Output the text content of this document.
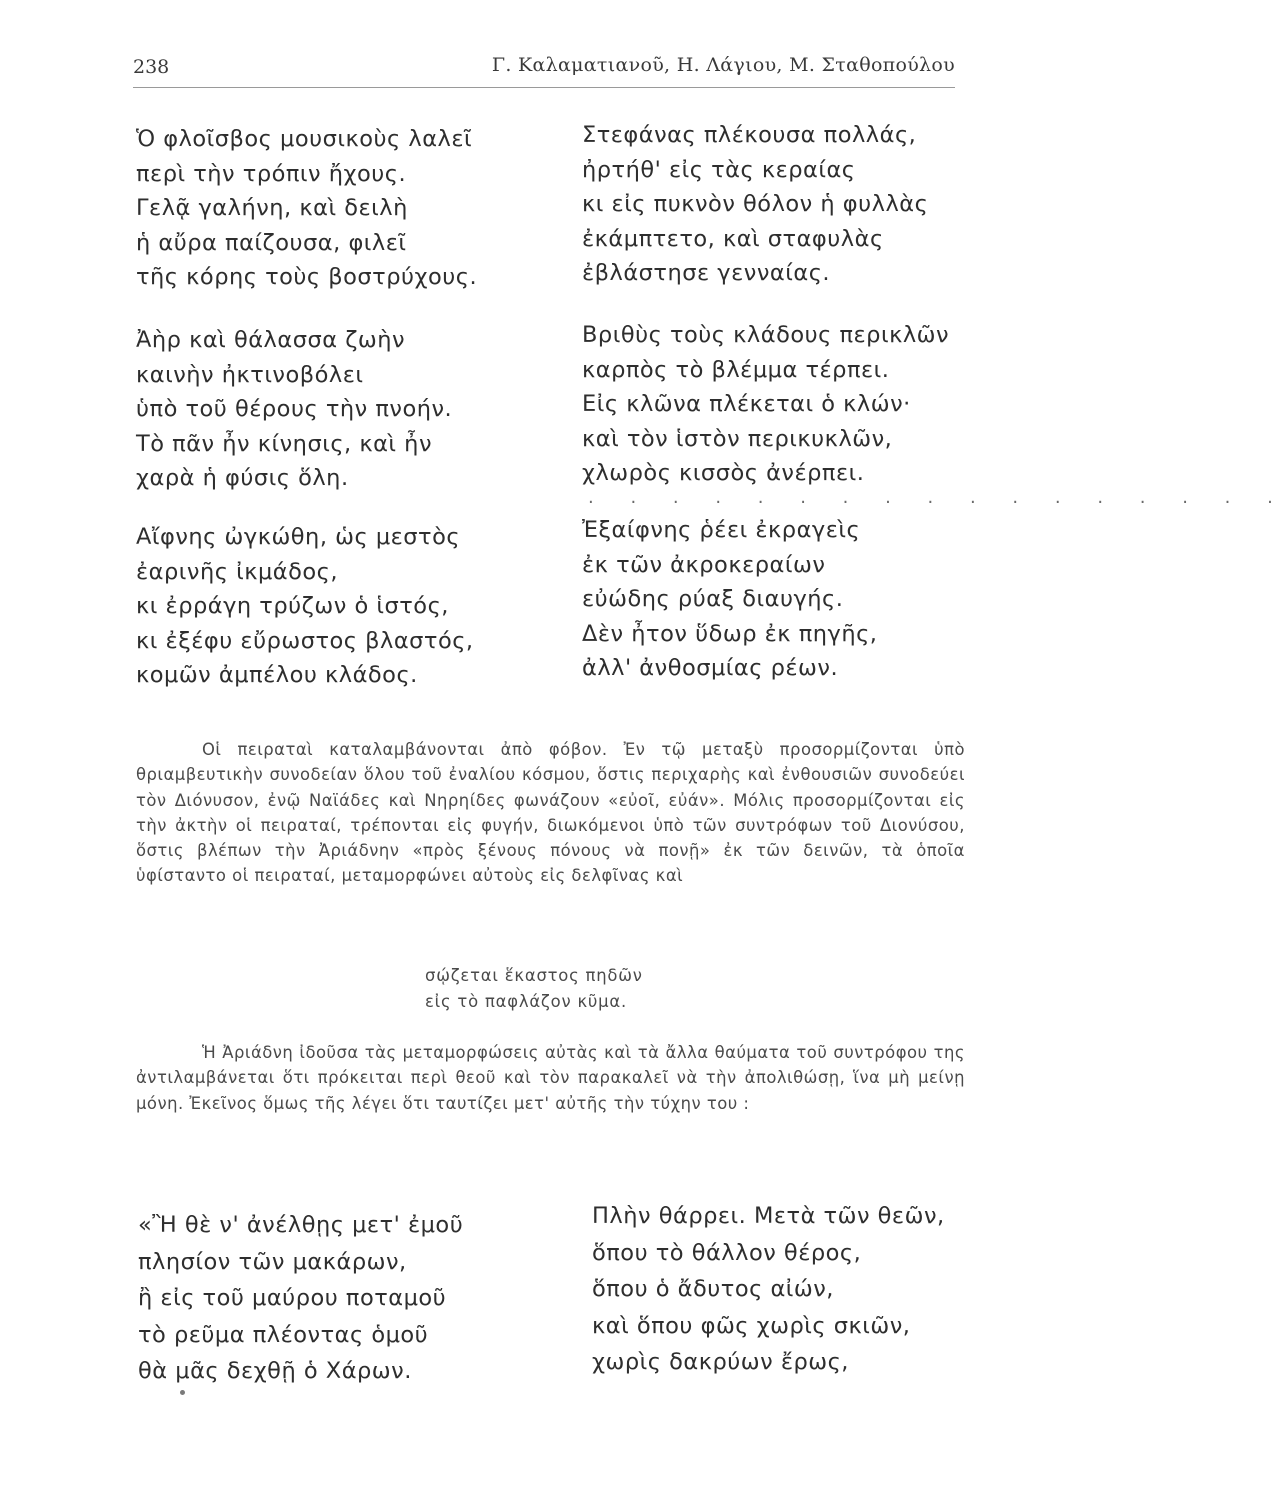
238	Γ. Καλαματιανοῦ, Η. Λάγιου, Μ. Σταθοπούλου
Ὁ φλοῖσβος μουσικοὺς λαλεῖ
περὶ τὴν τρόπιν ἤχους.
Γελᾷ γαλήνη, καὶ δειλὴ
ἡ αὔρα παίζουσα, φιλεῖ
τῆς κόρης τοὺς βοστρύχους.
Ἀὴρ καὶ θάλασσα ζωὴν
καινὴν ἠκτινοβόλει
ὑπὸ τοῦ θέρους τὴν πνοήν.
Τὸ πᾶν ἦν κίνησις, καὶ ἦν
χαρὰ ἡ φύσις ὅλη.
Αἴφνης ὠγκώθη, ὡς μεστὸς
ἐαρινῆς ἰκμάδος,
κι ἐρράγη τρύζων ὁ ἱστός,
κι ἐξέφυ εὔρωστος βλαστός,
κομῶν ἀμπέλου κλάδος.
Στεφάνας πλέκουσα πολλάς,
ἠρτήθ' εἰς τὰς κεραίας
κι εἰς πυκνὸν θόλον ἡ φυλλὰς
ἐκάμπτετο, καὶ σταφυλὰς
ἐβλάστησε γενναίας.
Βριθὺς τοὺς κλάδους περικλῶν
καρπὸς τὸ βλέμμα τέρπει.
Εἰς κλῶνα πλέκεται ὁ κλών·
καὶ τὸν ἱστὸν περικυκλῶν,
χλωρὸς κισσὸς ἀνέρπει.
. . . . . . . . . . . . . . . . .
Ἐξαίφνης ῥέει ἐκραγεὶς
ἐκ τῶν ἀκροκεραίων
εὐώδης ρύαξ διαυγής.
Δὲν ἦτον ὕδωρ ἐκ πηγῆς,
ἀλλ' ἀνθοσμίας ρέων.
Οἱ πειραταὶ καταλαμβάνονται ἀπὸ φόβον. Ἐν τῷ μεταξὺ προσορμίζονται ὑπὸ θριαμβευτικὴν συνοδείαν ὅλου τοῦ ἐναλίου κόσμου, ὅστις περιχαρὴς καὶ ἐνθουσιῶν συνοδεύει τὸν Διόνυσον, ἐνῷ Ναϊάδες καὶ Νηρηίδες φωνάζουν «εὐοῖ, εὐάν». Μόλις προσορμίζονται εἰς τὴν ἀκτὴν οἱ πειραταί, τρέπονται εἰς φυγήν, διωκόμενοι ὑπὸ τῶν συντρόφων τοῦ Διονύσου, ὅστις βλέπων τὴν Ἀριάδνην «πρὸς ξένους πόνους νὰ πονῇ» ἐκ τῶν δεινῶν, τὰ ὁποῖα ὑφίσταντο οἱ πειραταί, μεταμορφώνει αὐτοὺς εἰς δελφῖνας καὶ
σῴζεται ἕκαστος πηδῶν
εἰς τὸ παφλάζον κῦμα.
Ἡ Ἀριάδνη ἰδοῦσα τὰς μεταμορφώσεις αὐτὰς καὶ τὰ ἄλλα θαύματα τοῦ συντρόφου της ἀντιλαμβάνεται ὅτι πρόκειται περὶ θεοῦ καὶ τὸν παρακαλεῖ νὰ τὴν ἀπολιθώσῃ, ἵνα μὴ μείνῃ μόνη. Ἐκεῖνος ὅμως τῆς λέγει ὅτι ταυτίζει μετ' αὐτῆς τὴν τύχην του :
«Ἢ θὲ ν' ἀνέλθῃς μετ' ἐμοῦ
πλησίον τῶν μακάρων,
ἢ εἰς τοῦ μαύρου ποταμοῦ
τὸ ρεῦμα πλέοντας ὁμοῦ
θὰ μᾶς δεχθῇ ὁ Χάρων.
Πλὴν θάρρει. Μετὰ τῶν θεῶν,
ὅπου τὸ θάλλον θέρος,
ὅπου ὁ ἄδυτος αἰών,
καὶ ὅπου φῶς χωρὶς σκιῶν,
χωρὶς δακρύων ἔρως,
